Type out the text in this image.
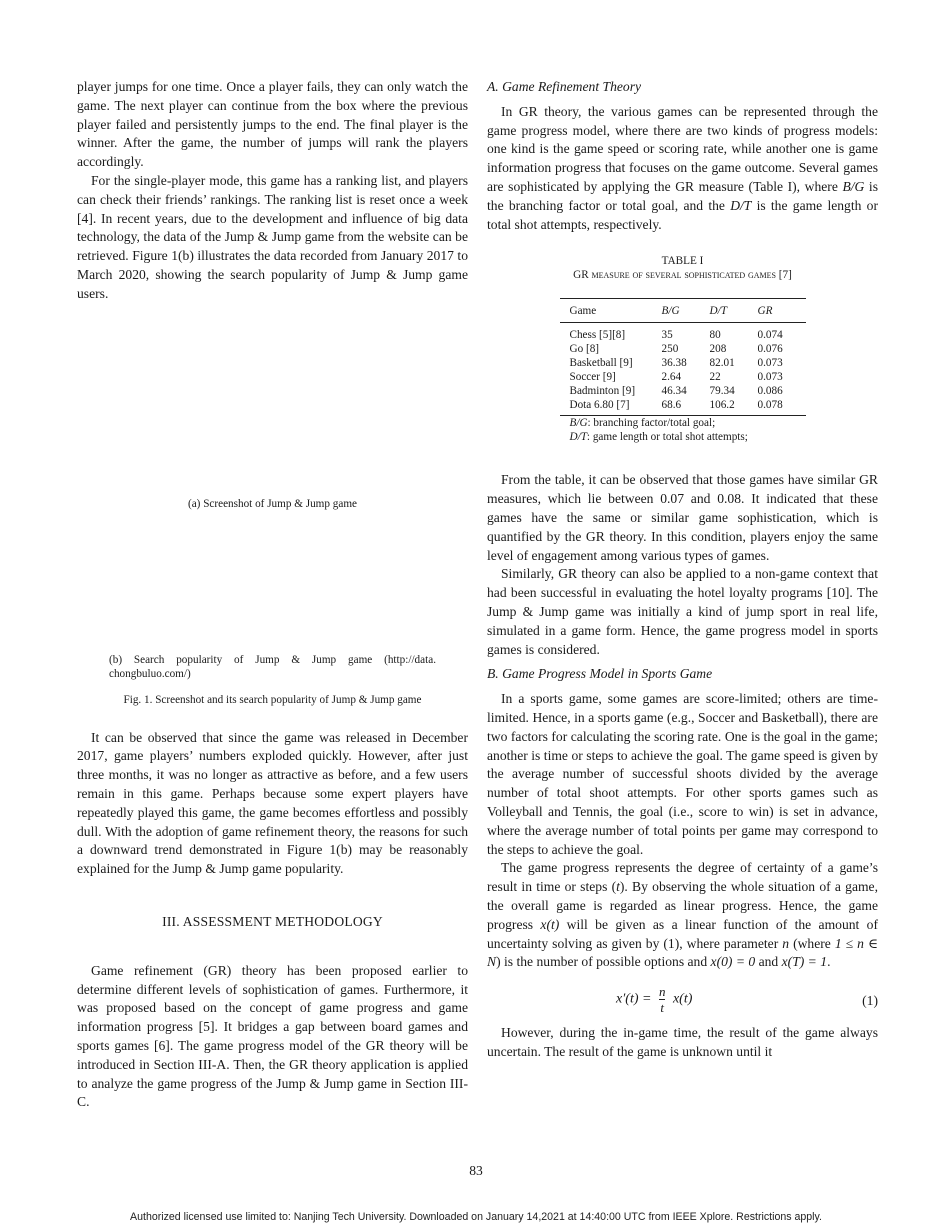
player jumps for one time. Once a player fails, they can only watch the game. The next player can continue from the box where the previous player failed and persistently jumps to the end. The final player is the winner. After the game, the number of jumps will rank the players accordingly.

For the single-player mode, this game has a ranking list, and players can check their friends’ rankings. The ranking list is reset once a week [4]. In recent years, due to the development and influence of big data technology, the data of the Jump & Jump game from the website can be retrieved. Figure 1(b) illustrates the data recorded from January 2017 to March 2020, showing the search popularity of Jump & Jump game users.

(a) Screenshot of Jump & Jump game
(b) Search popularity of Jump & Jump game (http://data. chongbuluo.com/)
Fig. 1. Screenshot and its search popularity of Jump & Jump game

It can be observed that since the game was released in December 2017, game players’ numbers exploded quickly. However, after just three months, it was no longer as attractive as before, and a few users remain in this game. Perhaps because some expert players have repeatedly played this game, the game becomes effortless and possibly dull. With the adoption of game refinement theory, the reasons for such a downward trend demonstrated in Figure 1(b) may be reasonably explained for the Jump & Jump game popularity.

III. ASSESSMENT METHODOLOGY

Game refinement (GR) theory has been proposed earlier to determine different levels of sophistication of games. Furthermore, it was proposed based on the concept of game progress and game information progress [5]. It bridges a gap between board games and sports games [6]. The game progress model of the GR theory will be introduced in Section III-A. Then, the GR theory application is applied to analyze the game progress of the Jump & Jump game in Section III-C.

A. Game Refinement Theory

In GR theory, the various games can be represented through the game progress model, where there are two kinds of progress models: one kind is the game speed or scoring rate, while another one is game information progress that focuses on the game outcome. Several games are sophisticated by applying the GR measure (Table I), where B/G is the branching factor or total goal, and the D/T is the game length or total shot attempts, respectively.

TABLE I
GR measure of several sophisticated games [7]
Game	B/G	D/T	GR
Chess [5][8]	35	80	0.074
Go [8]	250	208	0.076
Basketball [9]	36.38	82.01	0.073
Soccer [9]	2.64	22	0.073
Badminton [9]	46.34	79.34	0.086
Dota 6.80 [7]	68.6	106.2	0.078
B/G: branching factor/total goal;			
D/T: game length or total shot attempts;			

From the table, it can be observed that those games have similar GR measures, which lie between 0.07 and 0.08. It indicated that these games have the same or similar game sophistication, which is quantified by the GR theory. In this condition, players enjoy the same level of engagement among various types of games.

Similarly, GR theory can also be applied to a non-game context that had been successful in evaluating the hotel loyalty programs [10]. The Jump & Jump game was initially a kind of jump sport in real life, simulated in a game form. Hence, the game progress model in sports games is considered.

B. Game Progress Model in Sports Game

In a sports game, some games are score-limited; others are time-limited. Hence, in a sports game (e.g., Soccer and Basketball), there are two factors for calculating the scoring rate. One is the goal in the game; another is time or steps to achieve the goal. The game speed is given by the average number of successful shoots divided by the average number of total shoot attempts. For other sports games such as Volleyball and Tennis, the goal (i.e., score to win) is set in advance, where the average number of total points per game may correspond to the steps to achieve the goal.

The game progress represents the degree of certainty of a game’s result in time or steps (t). By observing the whole situation of a game, the overall game is regarded as linear progress. Hence, the game progress x(t) will be given as a linear function of the amount of uncertainty solving as given by (1), where parameter n (where 1 ≤ n ∈ N) is the number of possible options and x(0) = 0 and x(T) = 1.

$x'(t) = \frac{n}{t} x(t)$	(1)

However, during the in-game time, the result of the game always uncertain. The result of the game is unknown until it

83
Authorized licensed use limited to: Nanjing Tech University. Downloaded on January 14,2021 at 14:40:00 UTC from IEEE Xplore. Restrictions apply.
